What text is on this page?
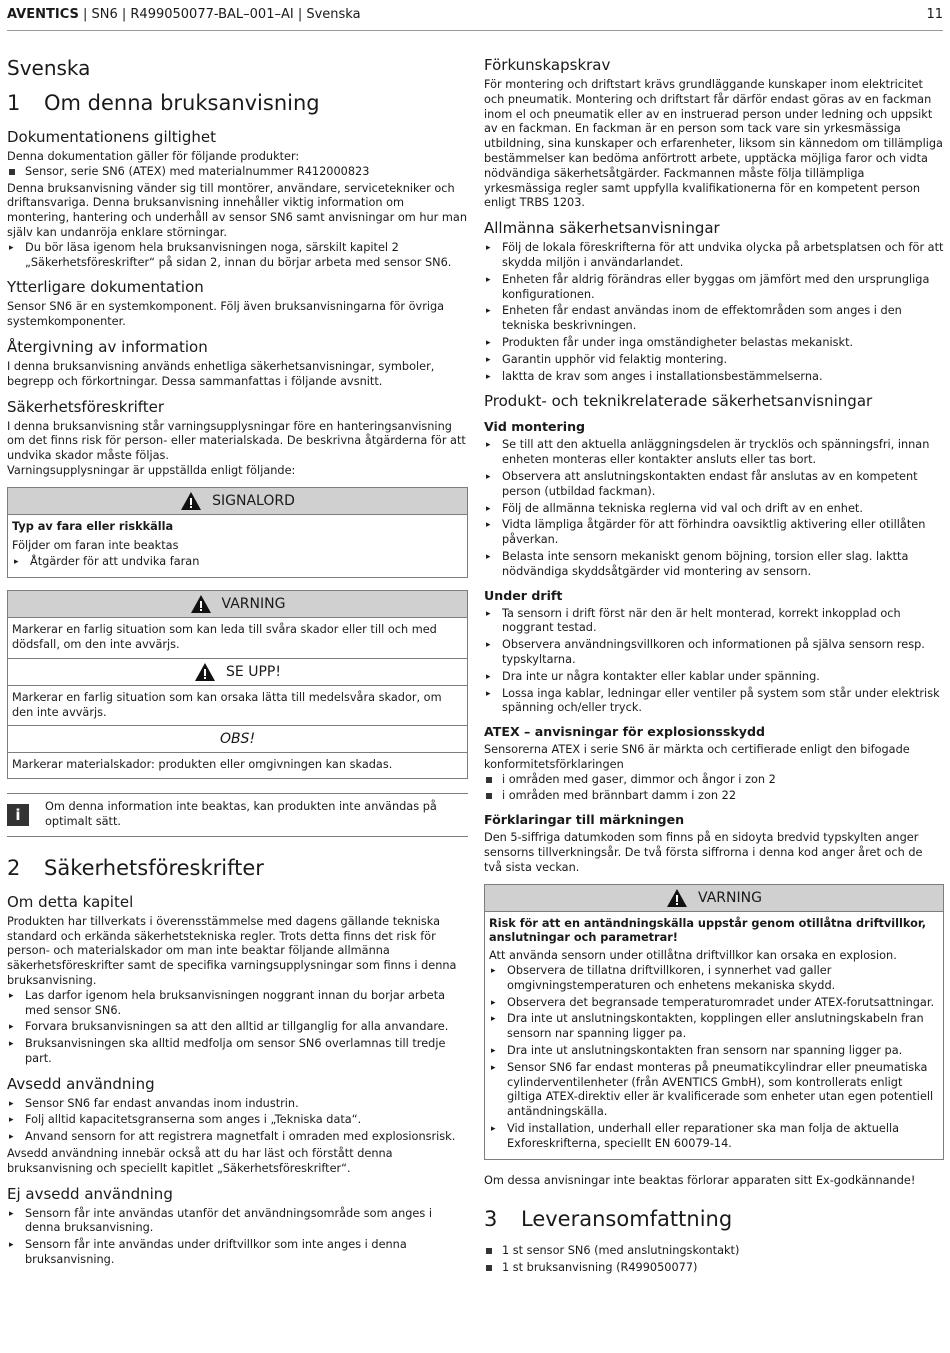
AVENTICS | SN6 | R499050077-BAL–001–AI | Svenska	11
Svenska
1	Om denna bruksanvisning
Dokumentationens giltighet

Denna dokumentation gäller för följande produkter:

Sensor, serie SN6 (ATEX) med materialnummer R412000823

Denna bruksanvisning vänder sig till montörer, användare, servicetekniker och driftansvariga. Denna bruksanvisning innehåller viktig information om montering, hantering och underhåll av sensor SN6 samt anvisningar om hur man själv kan undanröja enklare störningar.

▸ Du bör läsa igenom hela bruksanvisningen noga, särskilt kapitel 2 „Säkerhetsföreskrifter“ på sidan 2, innan du börjar arbeta med sensor SN6.
Ytterligare dokumentation

Sensor SN6 är en systemkomponent. Följ även bruksanvisningarna för övriga systemkomponenter.

Återgivning av information

I denna bruksanvisning används enhetliga säkerhetsanvisningar, symboler, begrepp och förkortningar. Dessa sammanfattas i följande avsnitt.

Säkerhetsföreskrifter

I denna bruksanvisning står varningsupplysningar före en hanteringsanvisning om det finns risk för person- eller materialskada. De beskrivna åtgärderna för att undvika skador måste följas.

Varningsupplysningar är uppställda enligt följande:

SIGNALORD

Typ av fara eller riskkälla

Följder om faran inte beaktas

▸ Åtgärder för att undvika faran
VARNING

Markerar en farlig situation som kan leda till svåra skador eller till och med dödsfall, om den inte avvärjs.

SE UPP!

Markerar en farlig situation som kan orsaka lätta till medelsvåra skador, om den inte avvärjs.

OBS!

Markerar materialskador: produkten eller omgivningen kan skadas.

i	Om denna information inte beaktas, kan produkten inte användas på optimalt sätt.

2	Säkerhetsföreskrifter
Om detta kapitel

Produkten har tillverkats i överensstämmelse med dagens gällande tekniska standard och erkända säkerhetstekniska regler. Trots detta finns det risk för person- och materialskador om man inte beaktar följande allmänna säkerhetsföreskrifter samt de specifika varningsupplysningar som finns i denna bruksanvisning.

▸ Las darfor igenom hela bruksanvisningen noggrant innan du borjar arbeta med sensor SN6.
▸ Forvara bruksanvisningen sa att den alltid ar tillganglig for alla anvandare.
▸ Bruksanvisningen ska alltid medfolja om sensor SN6 overlamnas till tredje part.
Avsedd användning
▸ Sensor SN6 far endast anvandas inom industrin.
▸ Folj alltid kapacitetsgranserna som anges i „Tekniska data“.
▸ Anvand sensorn for att registrera magnetfalt i omraden med explosionsrisk.

Avsedd användning innebär också att du har läst och förstått denna bruksanvisning och speciellt kapitlet „Säkerhetsföreskrifter“.

Ej avsedd användning
▸ Sensorn får inte användas utanför det användningsområde som anges i denna bruksanvisning.
▸ Sensorn får inte användas under driftvillkor som inte anges i denna bruksanvisning.
Förkunskapskrav

För montering och driftstart krävs grundläggande kunskaper inom elektricitet och pneumatik. Montering och driftstart får därför endast göras av en fackman inom el och pneumatik eller av en instruerad person under ledning och uppsikt av en fackman. En fackman är en person som tack vare sin yrkesmässiga utbildning, sina kunskaper och erfarenheter, liksom sin kännedom om tillämpliga bestämmelser kan bedöma anförtrott arbete, upptäcka möjliga faror och vidta nödvändiga säkerhetsåtgärder. Fackmannen måste följa tillämpliga yrkesmässiga regler samt uppfylla kvalifikationerna för en kompetent person enligt TRBS 1203.

Allmänna säkerhetsanvisningar
▸ Följ de lokala föreskrifterna för att undvika olycka på arbetsplatsen och för att skydda miljön i användarlandet.
▸ Enheten får aldrig förändras eller byggas om jämfört med den ursprungliga konfigurationen.
▸ Enheten får endast användas inom de effektområden som anges i den tekniska beskrivningen.
▸ Produkten får under inga omständigheter belastas mekaniskt.
▸ Garantin upphör vid felaktig montering.
▸ laktta de krav som anges i installationsbestämmelserna.
Produkt- och teknikrelaterade säkerhetsanvisningar
Vid montering
▸ Se till att den aktuella anläggningsdelen är trycklös och spänningsfri, innan enheten monteras eller kontakter ansluts eller tas bort.
▸ Observera att anslutningskontakten endast får anslutas av en kompetent person (utbildad fackman).
▸ Följ de allmänna tekniska reglerna vid val och drift av en enhet.
▸ Vidta lämpliga åtgärder för att förhindra oavsiktlig aktivering eller otillåten påverkan.
▸ Belasta inte sensorn mekaniskt genom böjning, torsion eller slag. laktta nödvändiga skyddsåtgärder vid montering av sensorn.
Under drift
▸ Ta sensorn i drift först när den är helt monterad, korrekt inkopplad och noggrant testad.
▸ Observera användningsvillkoren och informationen på själva sensorn resp. typskyltarna.
▸ Dra inte ur några kontakter eller kablar under spänning.
▸ Lossa inga kablar, ledningar eller ventiler på system som står under elektrisk spänning och/eller tryck.
ATEX – anvisningar för explosionsskydd

Sensorerna ATEX i serie SN6 är märkta och certifierade enligt den bifogade konformitetsförklaringen

i områden med gaser, dimmor och ångor i zon 2
i områden med brännbart damm i zon 22
Förklaringar till märkningen

Den 5-siffriga datumkoden som finns på en sidoyta bredvid typskylten anger sensorns tillverkningsår. De två första siffrorna i denna kod anger året och de två sista veckan.

VARNING

Risk för att en antändningskälla uppstår genom otillåtna driftvillkor, anslutningar och parametrar!

Att använda sensorn under otillåtna driftvillkor kan orsaka en explosion.

▸ Observera de tillatna driftvillkoren, i synnerhet vad galler omgivningstemperaturen och enhetens mekaniska skydd.
▸ Observera det begransade temperaturomradet under ATEX-forutsattningar.
▸ Dra inte ut anslutningskontakten, kopplingen eller anslutningskabeln fran sensorn nar spanning ligger pa.
▸ Dra inte ut anslutningskontakten fran sensorn nar spanning ligger pa.
▸ Sensor SN6 far endast monteras på pneumatikcylindrar eller pneumatiska cylinderventilenheter (från AVENTICS GmbH), som kontrollerats enligt giltiga ATEX-direktiv eller är kvalificerade som enheter utan egen potentiell antändningskälla.
▸ Vid installation, underhall eller reparationer ska man folja de aktuella Exforeskrifterna, speciellt EN 60079-14.

Om dessa anvisningar inte beaktas förlorar apparaten sitt Ex-godkännande!

3	Leveransomfattning
1 st sensor SN6 (med anslutningskontakt)
1 st bruksanvisning (R499050077)
